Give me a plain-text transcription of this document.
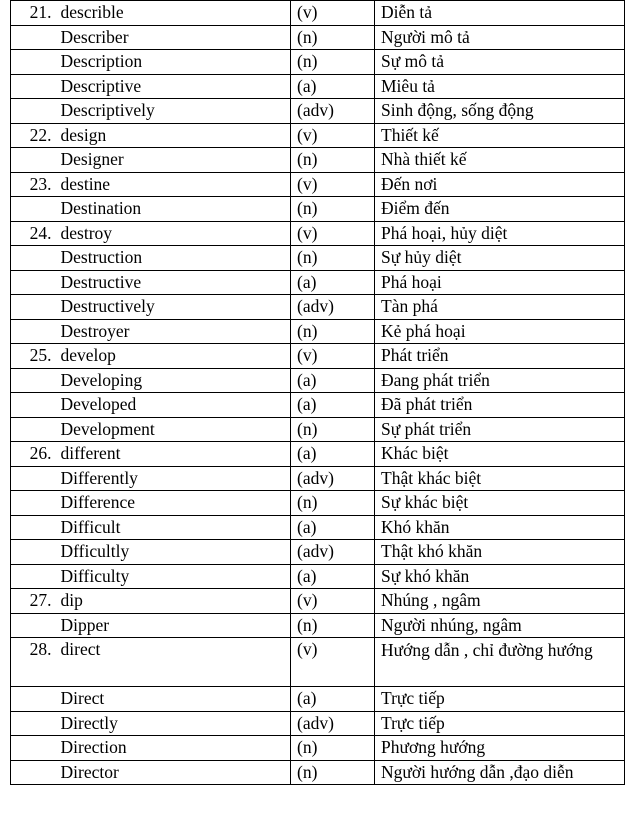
21.	describle	(v)	Diễn tả
	Describer	(n)	Người mô tả
	Description	(n)	Sự mô tả
	Descriptive	(a)	Miêu tả
	Descriptively	(adv)	Sinh động, sống động
22.	design	(v)	Thiết kế
	Designer	(n)	Nhà thiết kế
23.	destine	(v)	Đến nơi
	Destination	(n)	Điểm đến
24.	destroy	(v)	Phá hoại, hủy diệt
	Destruction	(n)	Sự hủy diệt
	Destructive	(a)	Phá hoại
	Destructively	(adv)	Tàn phá
	Destroyer	(n)	Kẻ phá hoại
25.	develop	(v)	Phát triển
	Developing	(a)	Đang phát triển
	Developed	(a)	Đã phát triển
	Development	(n)	Sự phát triển
26.	different	(a)	Khác biệt
	Differently	(adv)	Thật khác biệt
	Difference	(n)	Sự khác biệt
	Difficult	(a)	Khó khăn
	Dfficultly	(adv)	Thật khó khăn
	Difficulty	(a)	Sự khó khăn
27.	dip	(v)	Nhúng , ngâm
	Dipper	(n)	Người nhúng, ngâm
28.	direct	(v)	Hướng dẫn , chỉ đường hướng
	Direct	(a)	Trực tiếp
	Directly	(adv)	Trực tiếp
	Direction	(n)	Phương hướng
	Director	(n)	Người hướng dẫn ,đạo diễn
